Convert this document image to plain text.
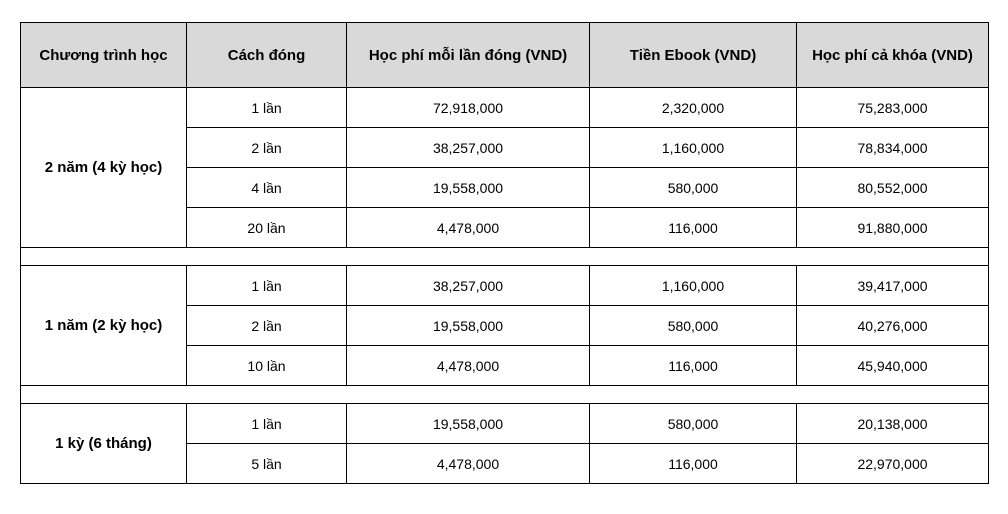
Chương trình học	Cách đóng	Học phí mỗi lần đóng (VND)	Tiền Ebook (VND)	Học phí cả khóa (VND)
2 năm (4 kỳ học)	1 lần	72,918,000	2,320,000	75,283,000
	2 lần	38,257,000	1,160,000	78,834,000
	4 lần	19,558,000	580,000	80,552,000
	20 lần	4,478,000	116,000	91,880,000

1 năm (2 kỳ học)	1 lần	38,257,000	1,160,000	39,417,000
	2 lần	19,558,000	580,000	40,276,000
	10 lần	4,478,000	116,000	45,940,000

1 kỳ (6 tháng)	1 lần	19,558,000	580,000	20,138,000
	5 lần	4,478,000	116,000	22,970,000
